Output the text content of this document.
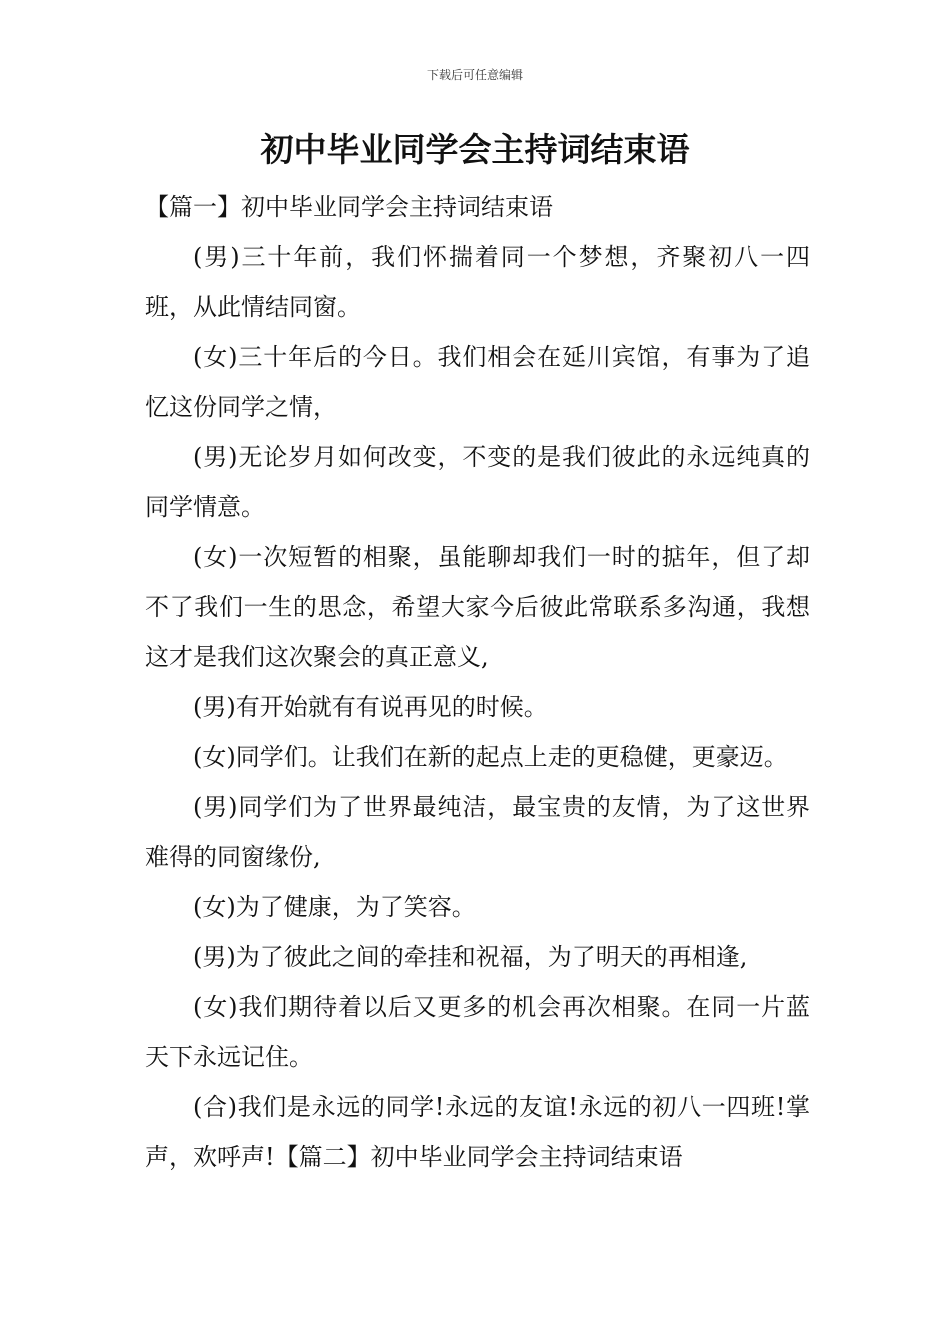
下载后可任意编辑
初中毕业同学会主持词结束语

【篇一】初中毕业同学会主持词结束语

(男)三十年前，我们怀揣着同一个梦想，齐聚初八一四班，从此情结同窗。

(女)三十年后的今日。我们相会在延川宾馆，有事为了追忆这份同学之情，

(男)无论岁月如何改变，不变的是我们彼此的永远纯真的同学情意。

(女)一次短暂的相聚，虽能聊却我们一时的掂年，但了却不了我们一生的思念，希望大家今后彼此常联系多沟通，我想这才是我们这次聚会的真正意义,

(男)有开始就有有说再见的时候。

(女)同学们。让我们在新的起点上走的更稳健，更豪迈。

(男)同学们为了世界最纯洁，最宝贵的友情，为了这世界难得的同窗缘份,

(女)为了健康，为了笑容。

(男)为了彼此之间的牵挂和祝福，为了明天的再相逢,

(女)我们期待着以后又更多的机会再次相聚。在同一片蓝天下永远记住。

(合)我们是永远的同学!永远的友谊!永远的初八一四班!掌声，欢呼声!【篇二】初中毕业同学会主持词结束语
